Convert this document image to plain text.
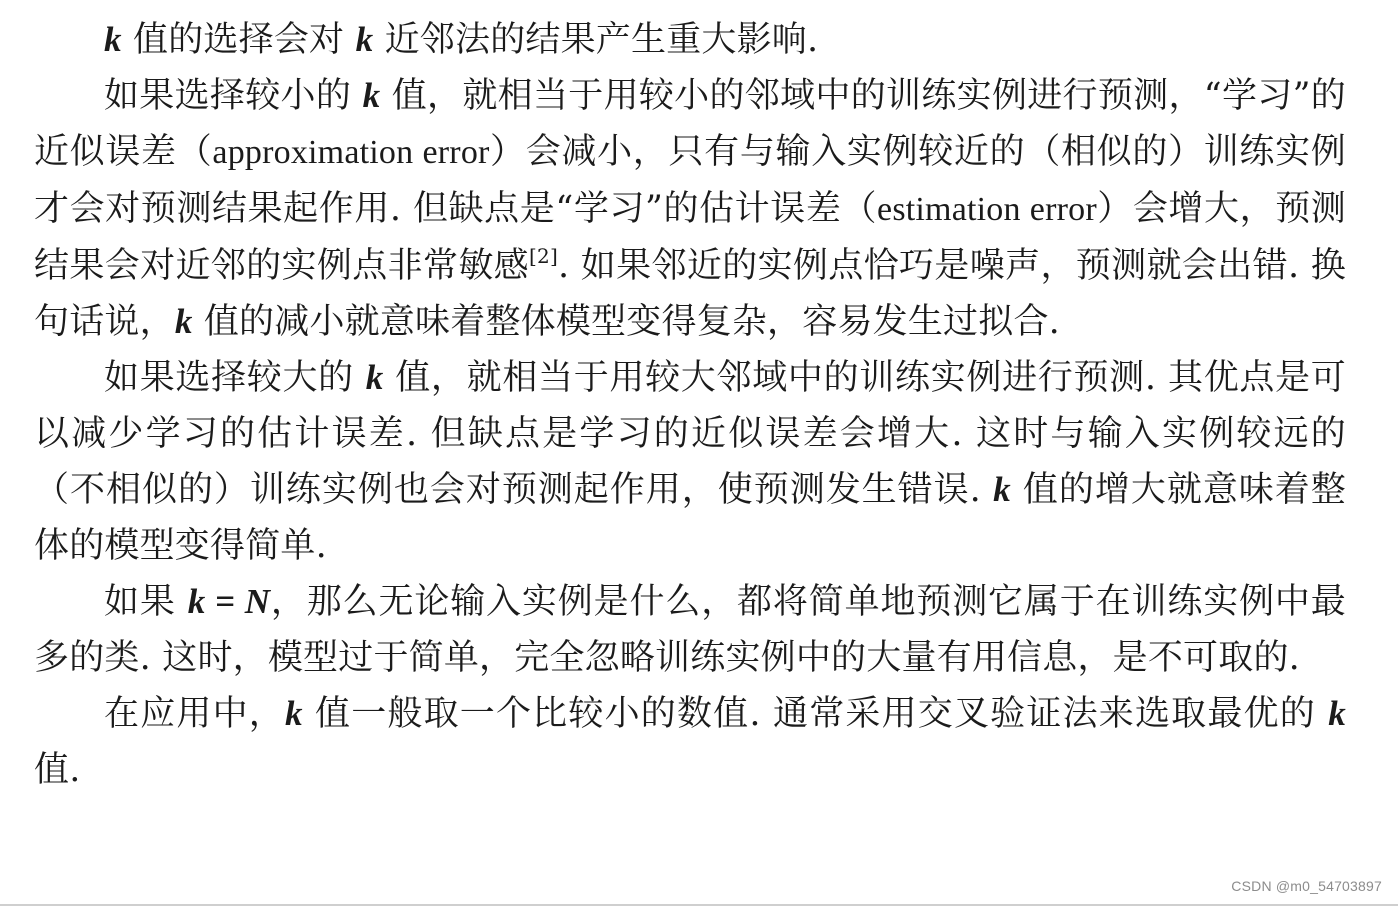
k 值的选择会对 k 近邻法的结果产生重大影响.

如果选择较小的 k 值，就相当于用较小的邻域中的训练实例进行预测，“学习”的近似误差（approximation error）会减小，只有与输入实例较近的（相似的）训练实例才会对预测结果起作用. 但缺点是“学习”的估计误差（estimation error）会增大，预测结果会对近邻的实例点非常敏感[2]. 如果邻近的实例点恰巧是噪声，预测就会出错. 换句话说，k 值的减小就意味着整体模型变得复杂，容易发生过拟合.

如果选择较大的 k 值，就相当于用较大邻域中的训练实例进行预测. 其优点是可以减少学习的估计误差. 但缺点是学习的近似误差会增大. 这时与输入实例较远的（不相似的）训练实例也会对预测起作用，使预测发生错误. k 值的增大就意味着整体的模型变得简单.

如果 k = N，那么无论输入实例是什么，都将简单地预测它属于在训练实例中最多的类. 这时，模型过于简单，完全忽略训练实例中的大量有用信息，是不可取的.

在应用中，k 值一般取一个比较小的数值. 通常采用交叉验证法来选取最优的 k 值.

CSDN @m0_54703897
